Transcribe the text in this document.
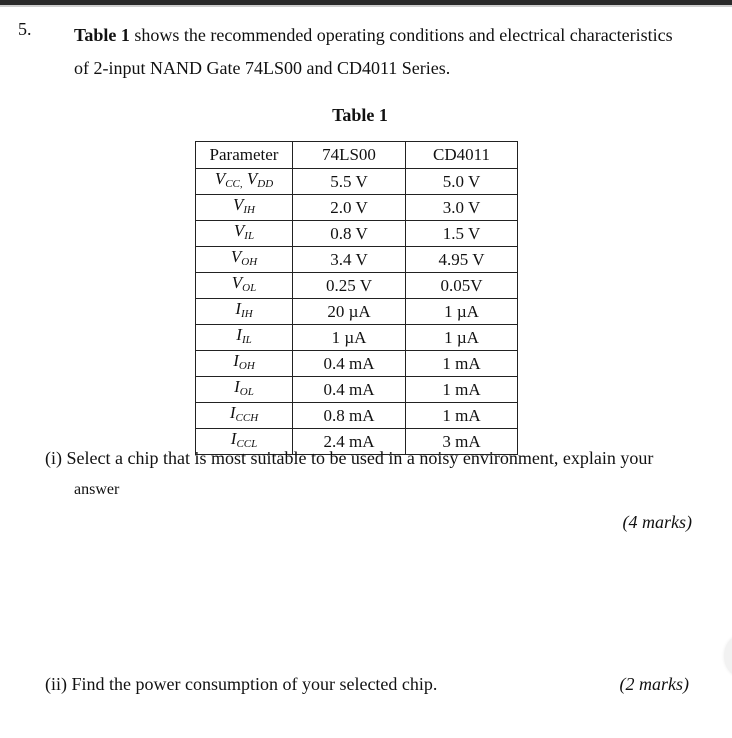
5. Table 1 shows the recommended operating conditions and electrical characteristics
of 2-input NAND Gate 74LS00 and CD4011 Series.
Table 1
Parameter	74LS00	CD4011
$V_{CC,}$ $V_{DD}$	5.5 V	5.0 V
$V_{IH}$	2.0 V	3.0 V
$V_{IL}$	0.8 V	1.5 V
$V_{OH}$	3.4 V	4.95 V
$V_{OL}$	0.25 V	0.05V
$I_{IH}$	20 µA	1 µA
$I_{IL}$	1 µA	1 µA
$I_{OH}$	0.4 mA	1 mA
$I_{OL}$	0.4 mA	1 mA
$I_{CCH}$	0.8 mA	1 mA
$I_{CCL}$	2.4 mA	3 mA
(i) Select a chip that is most suitable to be used in a noisy environment, explain your
answer
(4 marks)
(ii) Find the power consumption of your selected chip.	(2 marks)
